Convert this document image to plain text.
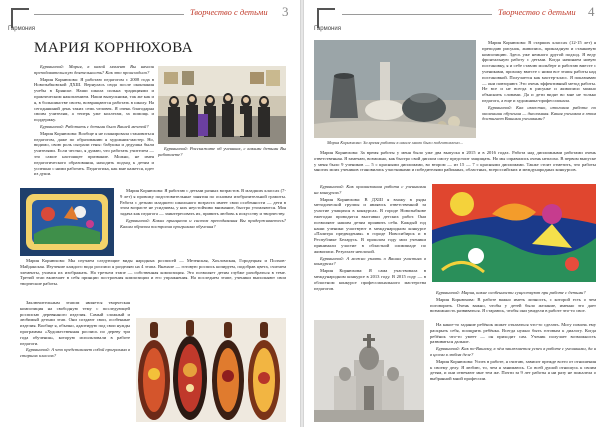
Гармония
Творчество с детьми 3
МАРИЯ КОРНЮХОВА

Бурваничой: Мария, в какой момент Вы начали преподавательскую деятельность? Как это происходило?

Мария Корнюхова: Я работаю педагогом с 2008 года в Новозыбковской ДХШ. Вернулась сюда после окончания учебы в Брянске. Наши школа сильна традициями и практическим накоплением. Наши выпускники, так же как и я, в большинстве своем, возвращаются работать в школу. На сегодняшний день таких семь человек. Я очень благодарна своим учителям, а теперь уже коллегам, за помощь и поддержку.

Бурваничой: Работать с детьми было Вашей мечтой?

Мария Корнюхова: Вообще я не планировала становиться педагогом, даже по образованию я художник-мастер. Но, видимо, свою роль сыграли гены: бабушка и дедушка были учителями. Если честно, я думаю, что работать учителем — это самое настоящее призвание. Можно, не имея педагогического образования, находить подход к детям и успешно с ними работать. Педагогика, как мне кажется, идет из души.

Бурваничой: Расскажите об учениках, с какими детьми Вы работаете?

Мария Корнюхова: Я работаю с детьми разных возрастов. В младших классах (7-9 лет) я провожу подготовительные занятия по основам изобразительной грамоты. Работа с детьми младшего школьного возраста имеет свои особенности — дети в этом возрасте не усидчивы, у них неустойчиво внимание, быстро утомляются. Моя задача как педагога — заинтересовать их, привить любовь к искусству и творчеству.

Бурваничой: Каких принципов и систем преподавания Вы придерживаетесь? Каким образом построена программа обучения?

Мария Корнюхова: Мы изучаем следующие виды народных росписей — Мезенская, Хохломская, Городецкая и Полхов-Майданская. Изучение каждого вида росписи я разделяю на 4 этапа. Вначале — готовую роспись копируем, подобрав цвета, считаем элементы, учимся их изображать. На третьем этапе — собственная композиция. Это позволяет детям глубже разобраться в теме. Третий этап включает в себя принцип построения композиции и его упражнения. На последнем этапе, ученики выполняют свои творческие работы.

Заключительным этапом является творческая композиция на свободную тему с последующей росписью деревянного изделия. Самый сложный и любимый детьми этап. Они создают свои, особенные изделия. Вообще я, обычно, адаптирую под свои нужды программы «Художественная роспись по дереву три года обучения», которую использовали в работе педагоги.

Бурваничой: А что представляет собой программа в старших классах?

Гармония
Творчество с детьми 4

Мария Корнюхова: В старших классах (12-15 лет) я преподаю рисунок, живопись, прикладную и станковую композицию. Здесь уже немного другой подход. Я веду фронтальную работу с детьми. Когда начинаем новую постановку, я и себе ставлю мольберт и работаю вместе с учениками, прохожу вместе с ними все этапы работы над постановкой. Получается как мастер-класс. Я показываю — они повторяют. Это очень эффективный метод работы. Не все и не всегда в рисунке и живописи можно объяснить словами. Да и дети видят во мне не только педагога, а еще и художника-профессионала.

Бурваничой: Как известно, итоговая работа по окончании обучения — дипломная. Какая учеников в этом достигает Вашими учениками?

Мария Корнюхова: За время работы в школе мною было подготовлено...

Мария Корнюхова: За время работы у меня было уже два выпуска в 2015 и в 2016 годах. Работа над дипломными работами очень ответственная. Я замечаю, возможно, как быстро свой диплом смогу предстоит защищать. Но мы справились очень неплохо. В первом выпуске у меня было 9 учеников — 5 с красными дипломами, во втором — из 15 — 7 с красными дипломами. Также стоит отметить, что работы многих моих учеников становились участниками и победителями районных, областных, всероссийских и международных конкурсов.

Бурваничой: Как организована работа с учениками на конкурсах?

Мария Корнюхова: В ДХШ я вхожу в ряды методической группы и являюсь ответственной за участие учащихся в конкурсах. В городе Новозыбкове ежегодно проводятся выставки детских работ. Они позволяют нашим детям проявить себя. Каждый год наши ученики участвуют в международном конкурсе «Палитра предвидения» в городе Новосибирск и в Республике Беларусь. В прошлом году мои ученики принимали участие в областной олимпиаде по живописи. Результат неплохой.

Бурваничой: А можно узнать о Ваших участиях в конкурсах?

Мария Корнюхова: Я сама участвовала в международном конкурсе в 2013 году. В 2015 году — в областном конкурсе профессионального мастерства педагогов.

Бурваничой: Мария, какие особенности существуют при работе с детьми?

Мария Корнюхова: В работе важно иметь личность, с которой есть о чем поговорить. Очень важно, чтобы у детей было желание, именно это дает возможность развиваться. Я стараюсь, чтобы они увидели в работе что-то свое.

На какое-то задание ребёнок может отказаться что-то сделать. Могу помочь ему раскрыть себя, поощрить ребёнка. Всегда нужно быть готовым к диалогу. Когда ребёнок что-то умеет — он приходит сам. Ученик получает возможность развиваться дальше.

Бурваничой: Как по-Вашему, в чём заключается успех в работе с учениками, да и в целом в любом деле?

Мария Корнюхова: Успех в работе, я считаю, зависит прежде всего от отношения к своему делу. Я люблю, то, чем я занимаюсь. Со всей душой отношусь к своим детям, и они отвечают мне тем же. Почти за 9 лет работы я ни разу не пожалела о выбранной мной профессии.
